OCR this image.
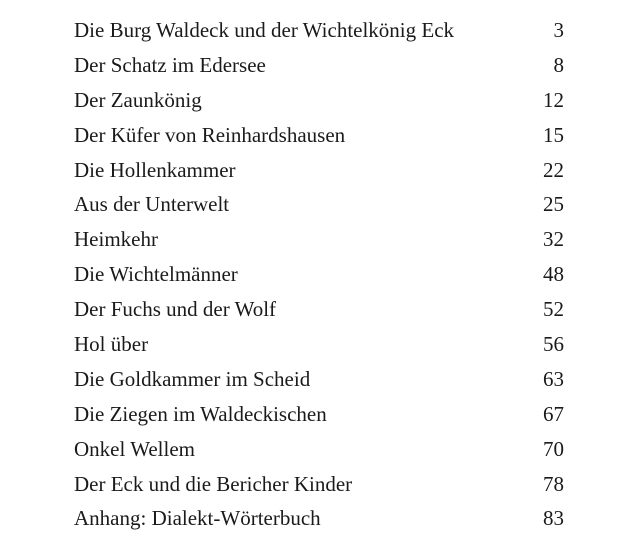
Die Burg Waldeck und der Wichtelkönig Eck	3
Der Schatz im Edersee	8
Der Zaunkönig	12
Der Küfer von Reinhardshausen	15
Die Hollenkammer	22
Aus der Unterwelt	25
Heimkehr	32
Die Wichtelmänner	48
Der Fuchs und der Wolf	52
Hol über	56
Die Goldkammer im Scheid	63
Die Ziegen im Waldeckischen	67
Onkel Wellem	70
Der Eck und die Bericher Kinder	78
Anhang: Dialekt-Wörterbuch	83
